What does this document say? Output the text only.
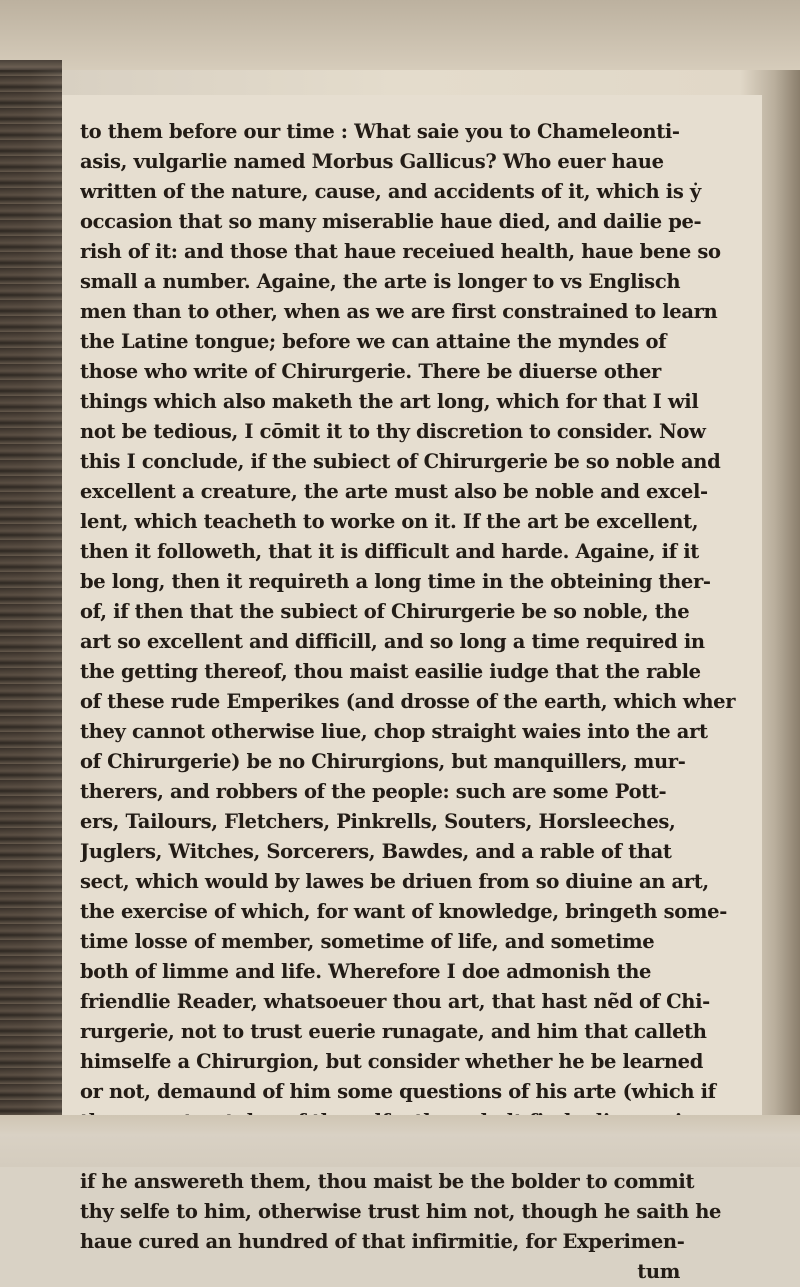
to them before our time : What saie you to Chameleonti-
asis, vulgarlie named Morbus Gallicus? Who euer haue
written of the nature, cause, and accidents of it, which is ẏ
occasion that so many miserablie haue died, and dailie pe-
rish of it: and those that haue receiued health, haue bene so
small a number. Againe, the arte is longer to vs Englisch
men than to other, when as we are first constrained to learn
the Latine tongue; before we can attaine the myndes of
those who write of Chirurgerie. There be diuerse other
things which also maketh the art long, which for that I wil
not be tedious, I cōmit it to thy discretion to consider. Now
this I conclude, if the subiect of Chirurgerie be so noble and
excellent a creature, the arte must also be noble and excel-
lent, which teacheth to worke on it. If the art be excellent,
then it followeth, that it is difficult and harde. Againe, if it
be long, then it requireth a long time in the obteining ther-
of, if then that the subiect of Chirurgerie be so noble, the
art so excellent and difficill, and so long a time required in
the getting thereof, thou maist easilie iudge that the rable
of these rude Emperikes (and drosse of the earth, which wher
they cannot otherwise liue, chop straight waies into the art
of Chirurgerie) be no Chirurgions, but manquillers, mur-
therers, and robbers of the people: such are some Pott-
ers, Tailours, Fletchers, Pinkrells, Souters, Horsleeches,
Juglers, Witches, Sorcerers, Bawdes, and a rable of that
sect, which would by lawes be driuen from so diuine an art,
the exercise of which, for want of knowledge, bringeth some-
time losse of member, sometime of life, and sometime
both of limme and life. Wherefore I doe admonish the
friendlie Reader, whatsoeuer thou art, that hast nẽd of Chi-
rurgerie, not to trust euerie runagate, and him that calleth
himselfe a Chirurgion, but consider whether he be learned
or not, demaund of him some questions of his arte (which if
if he answereth them, thou maist be the bolder to commit
thy selfe to him, otherwise trust him not, though he saith he
haue cured an hundred of that infirmitie, for Experimen-
tum
